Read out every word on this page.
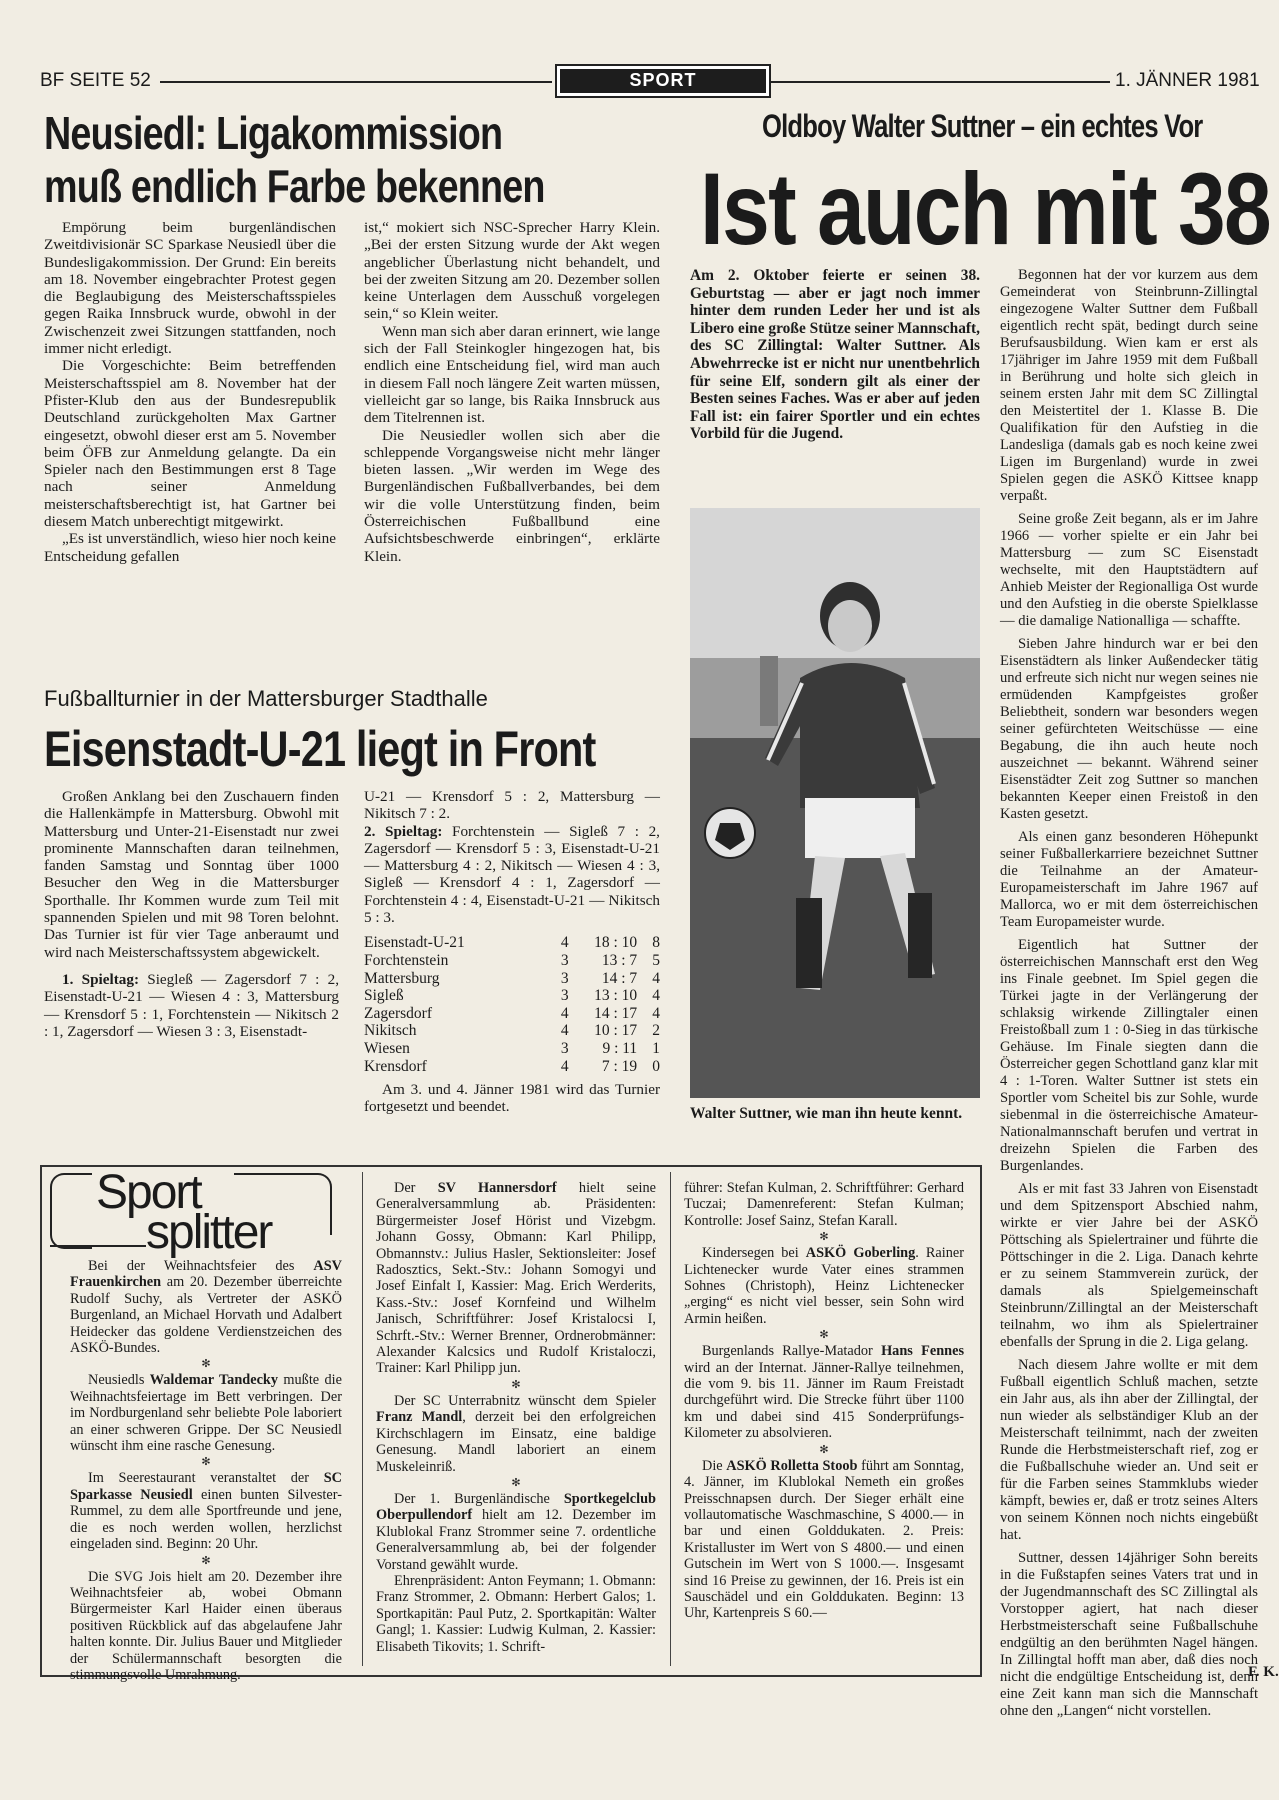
BF SEITE 52	SPORT	1. JÄNNER 1981
Neusiedl: Ligakommission
muß endlich Farbe bekennen

Empörung beim burgenländischen Zweitdivisionär SC Sparkase Neusiedl über die Bundesligakommission. Der Grund: Ein bereits am 18. November eingebrachter Protest gegen die Beglaubigung des Meisterschaftsspieles gegen Raika Innsbruck wurde, obwohl in der Zwischenzeit zwei Sitzungen stattfanden, noch immer nicht erledigt.

Die Vorgeschichte: Beim betreffenden Meisterschaftsspiel am 8. November hat der Pfister-Klub den aus der Bundesrepublik Deutschland zurückgeholten Max Gartner eingesetzt, obwohl dieser erst am 5. November beim ÖFB zur Anmeldung gelangte. Da ein Spieler nach den Bestimmungen erst 8 Tage nach seiner Anmeldung meisterschaftsberechtigt ist, hat Gartner bei diesem Match unberechtigt mitgewirkt.

„Es ist unverständlich, wieso hier noch keine Entscheidung gefallen

ist,“ mokiert sich NSC-Sprecher Harry Klein. „Bei der ersten Sitzung wurde der Akt wegen angeblicher Überlastung nicht behandelt, und bei der zweiten Sitzung am 20. Dezember sollen keine Unterlagen dem Ausschuß vorgelegen sein,“ so Klein weiter.

Wenn man sich aber daran erinnert, wie lange sich der Fall Steinkogler hingezogen hat, bis endlich eine Entscheidung fiel, wird man auch in diesem Fall noch längere Zeit warten müssen, vielleicht gar so lange, bis Raika Innsbruck aus dem Titelrennen ist.

Die Neusiedler wollen sich aber die schleppende Vorgangsweise nicht mehr länger bieten lassen. „Wir werden im Wege des Burgenländischen Fußballverbandes, bei dem wir die volle Unterstützung finden, beim Österreichischen Fußballbund eine Aufsichtsbeschwerde einbringen“, erklärte Klein.

Fußballturnier in der Mattersburger Stadthalle
Eisenstadt-U-21 liegt in Front

Großen Anklang bei den Zuschauern finden die Hallenkämpfe in Mattersburg. Obwohl mit Mattersburg und Unter-21-Eisenstadt nur zwei prominente Mannschaften daran teilnehmen, fanden Samstag und Sonntag über 1000 Besucher den Weg in die Mattersburger Sporthalle. Ihr Kommen wurde zum Teil mit spannenden Spielen und mit 98 Toren belohnt. Das Turnier ist für vier Tage anberaumt und wird nach Meisterschaftssystem abgewickelt.

1. Spieltag: Siegleß — Zagersdorf 7 : 2, Eisenstadt-U-21 — Wiesen 4 : 3, Mattersburg — Krensdorf 5 : 1, Forchtenstein — Nikitsch 2 : 1, Zagersdorf — Wiesen 3 : 3, Eisenstadt-

U-21 — Krensdorf 5 : 2, Mattersburg — Nikitsch 7 : 2.

2. Spieltag: Forchtenstein — Sigleß 7 : 2, Zagersdorf — Krensdorf 5 : 3, Eisenstadt-U-21 — Mattersburg 4 : 2, Nikitsch — Wiesen 4 : 3, Sigleß — Krensdorf 4 : 1, Zagersdorf — Forchtenstein 4 : 4, Eisenstadt-U-21 — Nikitsch 5 : 3.

Eisenstadt-U-21	4	18 : 10 8
Forchtenstein	3	13 : 7 5
Mattersburg	3	14 : 7 4
Sigleß	3	13 : 10 4
Zagersdorf	4	14 : 17 4
Nikitsch	4	10 : 17 2
Wiesen	3	9 : 11 1
Krensdorf	4	7 : 19 0

Am 3. und 4. Jänner 1981 wird das Turnier fortgesetzt und beendet.

Oldboy Walter Suttner – ein echtes Vor
Ist auch mit 38
Am 2. Oktober feierte er seinen 38. Geburtstag — aber er jagt noch immer hinter dem runden Leder her und ist als Libero eine große Stütze seiner Mannschaft, des SC Zillingtal: Walter Suttner. Als Abwehrrecke ist er nicht nur unentbehrlich für seine Elf, sondern gilt als einer der Besten seines Faches. Was er aber auf jeden Fall ist: ein fairer Sportler und ein echtes Vorbild für die Jugend.
Walter Suttner, wie man ihn heute kennt.

Begonnen hat der vor kurzem aus dem Gemeinderat von Steinbrunn-Zillingtal eingezogene Walter Suttner dem Fußball eigentlich recht spät, bedingt durch seine Berufsausbildung. Wien kam er erst als 17jähriger im Jahre 1959 mit dem Fußball in Berührung und holte sich gleich in seinem ersten Jahr mit dem SC Zillingtal den Meistertitel der 1. Klasse B. Die Qualifikation für den Aufstieg in die Landesliga (damals gab es noch keine zwei Ligen im Burgenland) wurde in zwei Spielen gegen die ASKÖ Kittsee knapp verpaßt.

Seine große Zeit begann, als er im Jahre 1966 — vorher spielte er ein Jahr bei Mattersburg — zum SC Eisenstadt wechselte, mit den Hauptstädtern auf Anhieb Meister der Regionalliga Ost wurde und den Aufstieg in die oberste Spielklasse — die damalige Nationalliga — schaffte.

Sieben Jahre hindurch war er bei den Eisenstädtern als linker Außendecker tätig und erfreute sich nicht nur wegen seines nie ermüdenden Kampfgeistes großer Beliebtheit, sondern war besonders wegen seiner gefürchteten Weitschüsse — eine Begabung, die ihn auch heute noch auszeichnet — bekannt. Während seiner Eisenstädter Zeit zog Suttner so manchen bekannten Keeper einen Freistoß in den Kasten gesetzt.

Als einen ganz besonderen Höhepunkt seiner Fußballerkarriere bezeichnet Suttner die Teilnahme an der Amateur-Europameisterschaft im Jahre 1967 auf Mallorca, wo er mit dem österreichischen Team Europameister wurde.

Eigentlich hat Suttner der österreichischen Mannschaft erst den Weg ins Finale geebnet. Im Spiel gegen die Türkei jagte in der Verlängerung der schlaksig wirkende Zillingtaler einen Freistoßball zum 1 : 0-Sieg in das türkische Gehäuse. Im Finale siegten dann die Österreicher gegen Schottland ganz klar mit 4 : 1-Toren. Walter Suttner ist stets ein Sportler vom Scheitel bis zur Sohle, wurde siebenmal in die österreichische Amateur-Nationalmannschaft berufen und vertrat in dreizehn Spielen die Farben des Burgenlandes.

Als er mit fast 33 Jahren von Eisenstadt und dem Spitzensport Abschied nahm, wirkte er vier Jahre bei der ASKÖ Pöttsching als Spielertrainer und führte die Pöttschinger in die 2. Liga. Danach kehrte er zu seinem Stammverein zurück, der damals als Spielgemeinschaft Steinbrunn/Zillingtal an der Meisterschaft teilnahm, wo ihm als Spielertrainer ebenfalls der Sprung in die 2. Liga gelang.

Nach diesem Jahre wollte er mit dem Fußball eigentlich Schluß machen, setzte ein Jahr aus, als ihn aber der Zillingtal, der nun wieder als selbständiger Klub an der Meisterschaft teilnimmt, nach der zweiten Runde die Herbstmeisterschaft rief, zog er die Fußballschuhe wieder an. Und seit er für die Farben seines Stammklubs wieder kämpft, bewies er, daß er trotz seines Alters von seinem Können noch nichts eingebüßt hat.

Suttner, dessen 14jähriger Sohn bereits in die Fußstapfen seines Vaters trat und in der Jugendmannschaft des SC Zillingtal als Vorstopper agiert, hat nach dieser Herbstmeisterschaft seine Fußballschuhe endgültig an den berühmten Nagel hängen. In Zillingtal hofft man aber, daß dies noch nicht die endgültige Entscheidung ist, denn eine Zeit kann man sich die Mannschaft ohne den „Langen“ nicht vorstellen.

F. K.
Sport
splitter

Bei der Weihnachtsfeier des ASV Frauenkirchen am 20. Dezember überreichte Rudolf Suchy, als Vertreter der ASKÖ Burgenland, an Michael Horvath und Adalbert Heidecker das goldene Verdienstzeichen des ASKÖ-Bundes.

✻

Neusiedls Waldemar Tandecky mußte die Weihnachtsfeiertage im Bett verbringen. Der im Nordburgenland sehr beliebte Pole laboriert an einer schweren Grippe. Der SC Neusiedl wünscht ihm eine rasche Genesung.

✻

Im Seerestaurant veranstaltet der SC Sparkasse Neusiedl einen bunten Silvester-Rummel, zu dem alle Sportfreunde und jene, die es noch werden wollen, herzlichst eingeladen sind. Beginn: 20 Uhr.

✻

Die SVG Jois hielt am 20. Dezember ihre Weihnachtsfeier ab, wobei Obmann Bürgermeister Karl Haider einen überaus positiven Rückblick auf das abgelaufene Jahr halten konnte. Dir. Julius Bauer und Mitglieder der Schülermannschaft besorgten die stimmungsvolle Umrahmung.

Der SV Hannersdorf hielt seine Generalversammlung ab. Präsidenten: Bürgermeister Josef Hörist und Vizebgm. Johann Gossy, Obmann: Karl Philipp, Obmannstv.: Julius Hasler, Sektionsleiter: Josef Radosztics, Sekt.-Stv.: Johann Somogyi und Josef Einfalt I, Kassier: Mag. Erich Werderits, Kass.-Stv.: Josef Kornfeind und Wilhelm Janisch, Schriftführer: Josef Kristalocsi I, Schrft.-Stv.: Werner Brenner, Ordnerobmänner: Alexander Kalcsics und Rudolf Kristaloczi, Trainer: Karl Philipp jun.

✻

Der SC Unterrabnitz wünscht dem Spieler Franz Mandl, derzeit bei den erfolgreichen Kirchschlagern im Einsatz, eine baldige Genesung. Mandl laboriert an einem Muskeleinriß.

✻

Der 1. Burgenländische Sportkegelclub Oberpullendorf hielt am 12. Dezember im Klublokal Franz Strommer seine 7. ordentliche Generalversammlung ab, bei der folgender Vorstand gewählt wurde.

Ehrenpräsident: Anton Feymann; 1. Obmann: Franz Strommer, 2. Obmann: Herbert Galos; 1. Sportkapitän: Paul Putz, 2. Sportkapitän: Walter Gangl; 1. Kassier: Ludwig Kulman, 2. Kassier: Elisabeth Tikovits; 1. Schrift-

führer: Stefan Kulman, 2. Schriftführer: Gerhard Tuczai; Damenreferent: Stefan Kulman; Kontrolle: Josef Sainz, Stefan Karall.

✻

Kindersegen bei ASKÖ Goberling. Rainer Lichtenecker wurde Vater eines strammen Sohnes (Christoph), Heinz Lichtenecker „erging“ es nicht viel besser, sein Sohn wird Armin heißen.

✻

Burgenlands Rallye-Matador Hans Fennes wird an der Internat. Jänner-Rallye teilnehmen, die vom 9. bis 11. Jänner im Raum Freistadt durchgeführt wird. Die Strecke führt über 1100 km und dabei sind 415 Sonderprüfungs-Kilometer zu absolvieren.

✻

Die ASKÖ Rolletta Stoob führt am Sonntag, 4. Jänner, im Klublokal Nemeth ein großes Preisschnapsen durch. Der Sieger erhält eine vollautomatische Waschmaschine, S 4000.— in bar und einen Golddukaten. 2. Preis: Kristalluster im Wert von S 4800.— und einen Gutschein im Wert von S 1000.—. Insgesamt sind 16 Preise zu gewinnen, der 16. Preis ist ein Sauschädel und ein Golddukaten. Beginn: 13 Uhr, Kartenpreis S 60.—
